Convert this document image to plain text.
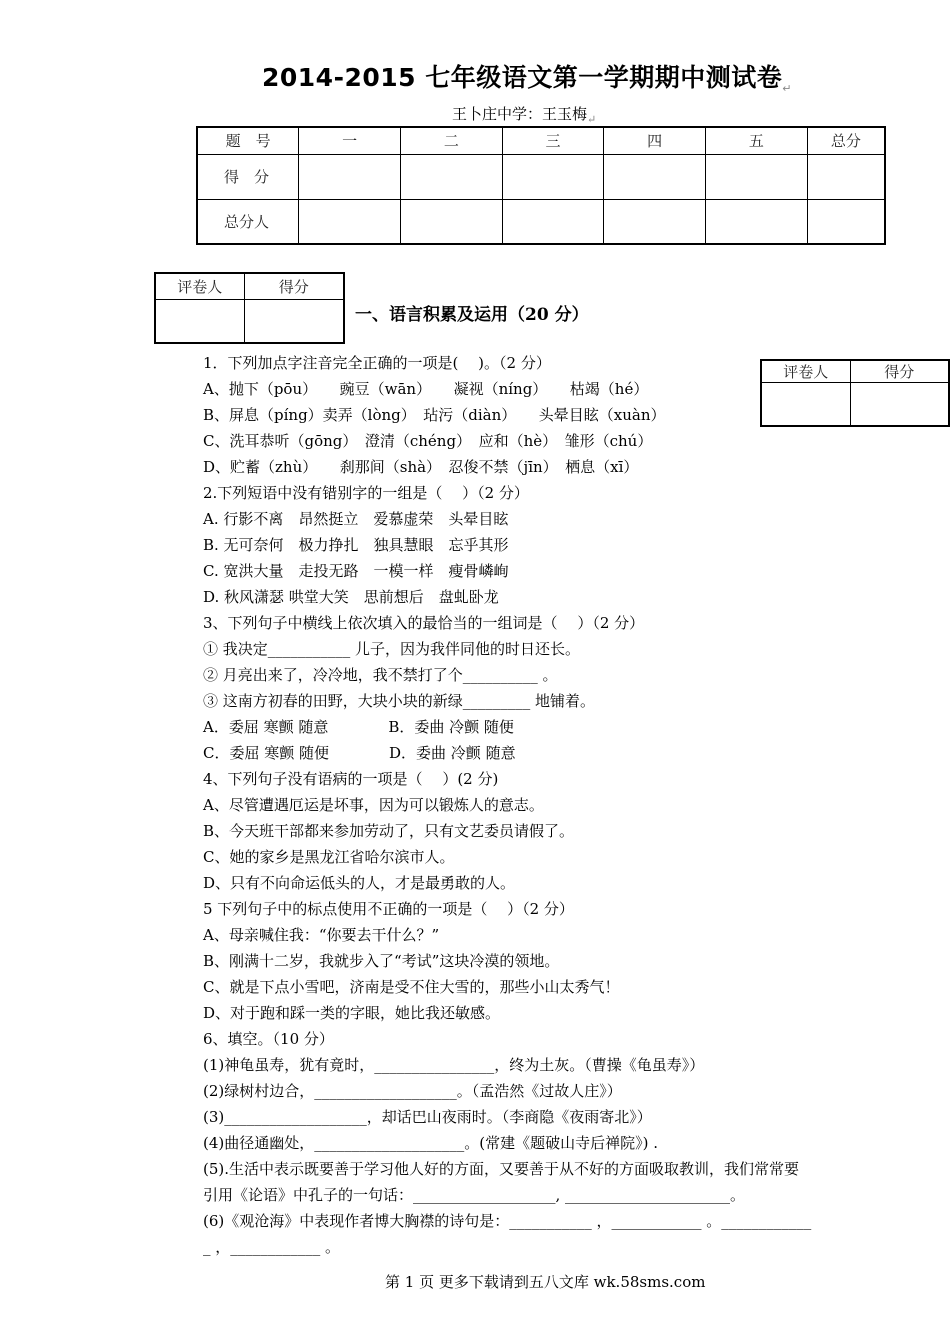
2014-2015 七年级语文第一学期期中测试卷$_↵$
王卜庄中学：王玉梅$_↵$
题　号	一	二	三	四	五	总分
得　分						
总分人						
评卷人	得分

评卷人	得分

一、语言积累及运用（20 分）
1．下列加点字注音完全正确的一项是(　 )。（2 分）
A、抛下（pōu）　　豌豆（wān）　　凝视（níng）　　枯竭（hé）
B、屏息（píng）卖弄（lòng）　玷污（diàn）　　头晕目眩（xuàn）
C、洗耳恭听（gōng）　澄清（chéng）　应和（hè）　雏形（chú）
D、贮蓄（zhù）　　刹那间（shà）　忍俊不禁（jīn）　栖息（xī）
2.下列短语中没有错别字的一组是（　 ）（2 分）
A. 行影不离　昂然挺立　爱慕虚荣　头晕目眩
B. 无可奈何　极力挣扎　独具慧眼　忘乎其形
C. 宽洪大量　走投无路　一模一样　瘦骨嶙峋
D. 秋风潇瑟 哄堂大笑　思前想后　盘虬卧龙
3、下列句子中横线上依次填入的最恰当的一组词是（　 ）（2 分）
① 我决定___________ 儿子，因为我伴同他的时日还长。
② 月亮出来了，冷冷地，我不禁打了个__________ 。
③ 这南方初春的田野，大块小块的新绿_________ 地铺着。
A．委屈 寒颤 随意　　　　B．委曲 冷颤 随便
C．委屈 寒颤 随便　　　　D．委曲 冷颤 随意
4、下列句子没有语病的一项是（　 ）(2 分)
A、尽管遭遇厄运是坏事，因为可以锻炼人的意志。
B、今天班干部都来参加劳动了，只有文艺委员请假了。
C、她的家乡是黑龙江省哈尔滨市人。
D、只有不向命运低头的人，才是最勇敢的人。
5 下列句子中的标点使用不正确的一项是（　 ）（2 分）
A、母亲喊住我：“你要去干什么？”
B、刚满十二岁，我就步入了“考试”这块冷漠的领地。
C、就是下点小雪吧，济南是受不住大雪的，那些小山太秀气！
D、对于跑和踩一类的字眼，她比我还敏感。
6、填空。（10 分）
(1)神龟虽寿，犹有竟时，________________，终为土灰。（曹操《龟虽寿》）
(2)绿树村边合，___________________。（孟浩然《过故人庄》）
(3)___________________，却话巴山夜雨时。（李商隐《夜雨寄北》）
(4)曲径通幽处，____________________。(常建《题破山寺后禅院》) .
(5).生活中表示既要善于学习他人好的方面，又要善于从不好的方面吸取教训，我们常常要
引用《论语》中孔子的一句话：___________________, ______________________。
(6)《观沧海》中表现作者博大胸襟的诗句是：___________ ，____________ 。____________
_ ，____________ 。
第 1 页 更多下载请到五八文库 wk.58sms.com
